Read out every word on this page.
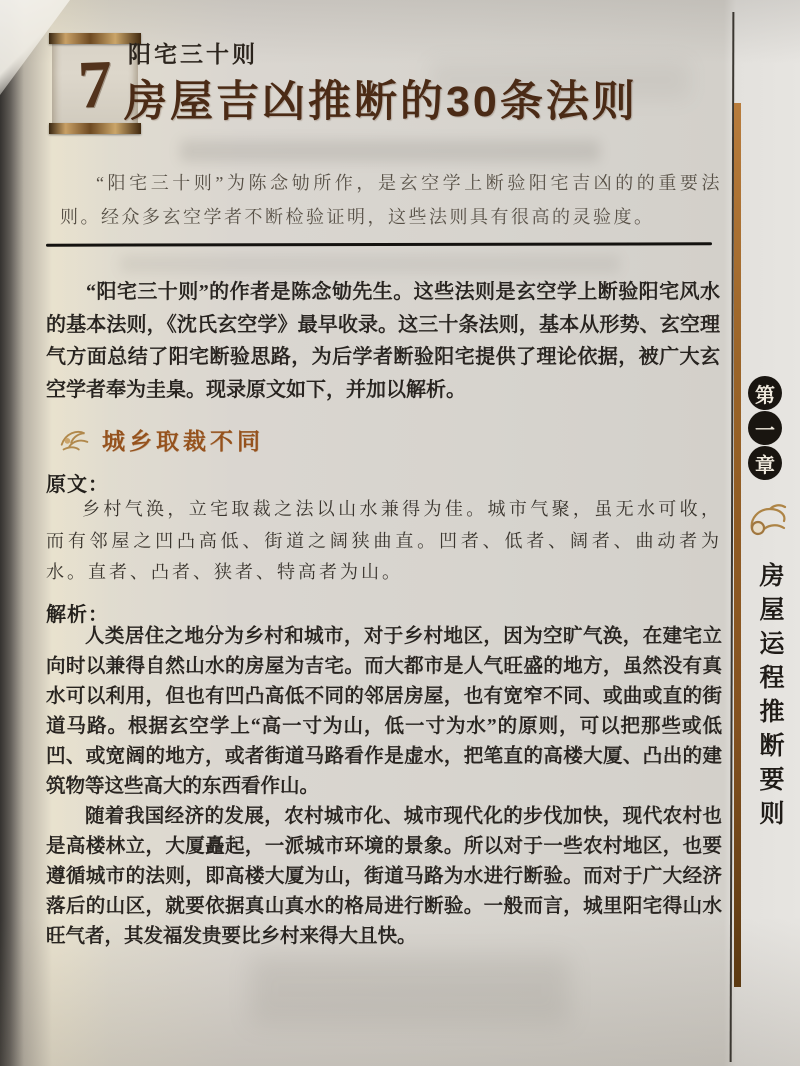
7 阳宅三十则
房屋吉凶推断的30条法则
“阳宅三十则”为陈念劬所作，是玄空学上断验阳宅吉凶的的重要法则。经众多玄空学者不断检验证明，这些法则具有很高的灵验度。
“阳宅三十则”的作者是陈念劬先生。这些法则是玄空学上断验阳宅风水的基本法则，《沈氏玄空学》最早收录。这三十条法则，基本从形势、玄空理气方面总结了阳宅断验思路，为后学者断验阳宅提供了理论依据，被广大玄空学者奉为圭臬。现录原文如下，并加以解析。
城乡取裁不同
原文：
乡村气涣，立宅取裁之法以山水兼得为佳。城市气聚，虽无水可收，而有邻屋之凹凸高低、街道之阔狭曲直。凹者、低者、阔者、曲动者为水。直者、凸者、狭者、特高者为山。
解析：

人类居住之地分为乡村和城市，对于乡村地区，因为空旷气涣，在建宅立向时以兼得自然山水的房屋为吉宅。而大都市是人气旺盛的地方，虽然没有真水可以利用，但也有凹凸高低不同的邻居房屋，也有宽窄不同、或曲或直的街道马路。根据玄空学上“高一寸为山，低一寸为水”的原则，可以把那些或低凹、或宽阔的地方，或者街道马路看作是虚水，把笔直的高楼大厦、凸出的建筑物等这些高大的东西看作山。

随着我国经济的发展，农村城市化、城市现代化的步伐加快，现代农村也是高楼林立，大厦矗起，一派城市环境的景象。所以对于一些农村地区，也要遵循城市的法则，即高楼大厦为山，街道马路为水进行断验。而对于广大经济落后的山区，就要依据真山真水的格局进行断验。一般而言，城里阳宅得山水旺气者，其发福发贵要比乡村来得大且快。

第
一
章
房屋运程推断要则
